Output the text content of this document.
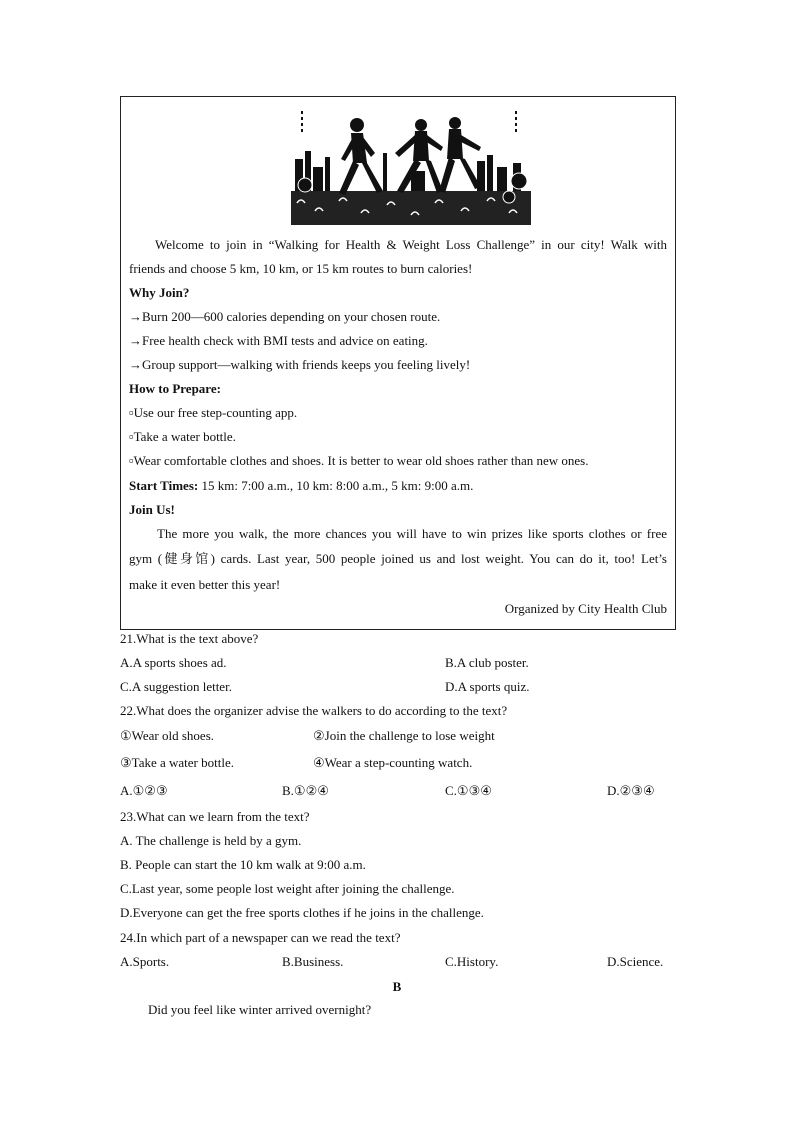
Welcome to join in “Walking for Health & Weight Loss Challenge” in our city! Walk with
friends and choose 5 km, 10 km, or 15 km routes to burn calories!
Why Join?
→Burn 200—600 calories depending on your chosen route.
→Free health check with BMI tests and advice on eating.
→Group support—walking with friends keeps you feeling lively!
How to Prepare:
▫Use our free step-counting app.
▫Take a water bottle.
▫Wear comfortable clothes and shoes. It is better to wear old shoes rather than new ones.
Start Times: 15 km: 7:00 a.m., 10 km: 8:00 a.m., 5 km: 9:00 a.m.
Join Us!
The more you walk, the more chances you will have to win prizes like sports clothes or free
gym (健身馆) cards. Last year, 500 people joined us and lost weight. You can do it, too! Let’s
make it even better this year!
Organized by City Health Club
21.What is the text above?
A.A sports shoes ad.	B.A club poster.
C.A suggestion letter.	D.A sports quiz.
22.What does the organizer advise the walkers to do according to the text?
①Wear old shoes.	②Join the challenge to lose weight
③Take a water bottle.	④Wear a step-counting watch.
A.①②③	B.①②④	C.①③④	D.②③④
23.What can we learn from the text?
A. The challenge is held by a gym.
B. People can start the 10 km walk at 9:00 a.m.
C.Last year, some people lost weight after joining the challenge.
D.Everyone can get the free sports clothes if he joins in the challenge.
24.In which part of a newspaper can we read the text?
A.Sports.	B.Business.	C.History.	D.Science.
B
Did you feel like winter arrived overnight?
